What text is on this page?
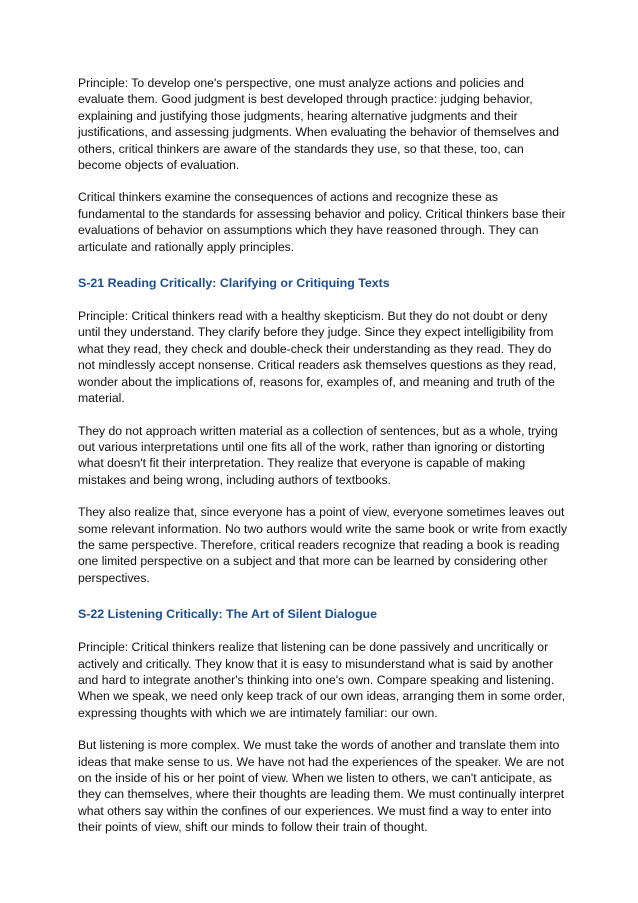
Principle: To develop one's perspective, one must analyze actions and policies and evaluate them. Good judgment is best developed through practice: judging behavior, explaining and justifying those judgments, hearing alternative judgments and their justifications, and assessing judgments. When evaluating the behavior of themselves and others, critical thinkers are aware of the standards they use, so that these, too, can become objects of evaluation.

Critical thinkers examine the consequences of actions and recognize these as fundamental to the standards for assessing behavior and policy. Critical thinkers base their evaluations of behavior on assumptions which they have reasoned through. They can articulate and rationally apply principles.

S-21 Reading Critically: Clarifying or Critiquing Texts

Principle: Critical thinkers read with a healthy skepticism. But they do not doubt or deny until they understand. They clarify before they judge. Since they expect intelligibility from what they read, they check and double-check their understanding as they read. They do not mindlessly accept nonsense. Critical readers ask themselves questions as they read, wonder about the implications of, reasons for, examples of, and meaning and truth of the material.

They do not approach written material as a collection of sentences, but as a whole, trying out various interpretations until one fits all of the work, rather than ignoring or distorting what doesn't fit their interpretation. They realize that everyone is capable of making mistakes and being wrong, including authors of textbooks.

They also realize that, since everyone has a point of view, everyone sometimes leaves out some relevant information. No two authors would write the same book or write from exactly the same perspective. Therefore, critical readers recognize that reading a book is reading one limited perspective on a subject and that more can be learned by considering other perspectives.

S-22 Listening Critically: The Art of Silent Dialogue

Principle: Critical thinkers realize that listening can be done passively and uncritically or actively and critically. They know that it is easy to misunderstand what is said by another and hard to integrate another's thinking into one's own. Compare speaking and listening. When we speak, we need only keep track of our own ideas, arranging them in some order, expressing thoughts with which we are intimately familiar: our own.

But listening is more complex. We must take the words of another and translate them into ideas that make sense to us. We have not had the experiences of the speaker. We are not on the inside of his or her point of view. When we listen to others, we can't anticipate, as they can themselves, where their thoughts are leading them. We must continually interpret what others say within the confines of our experiences. We must find a way to enter into their points of view, shift our minds to follow their train of thought.
